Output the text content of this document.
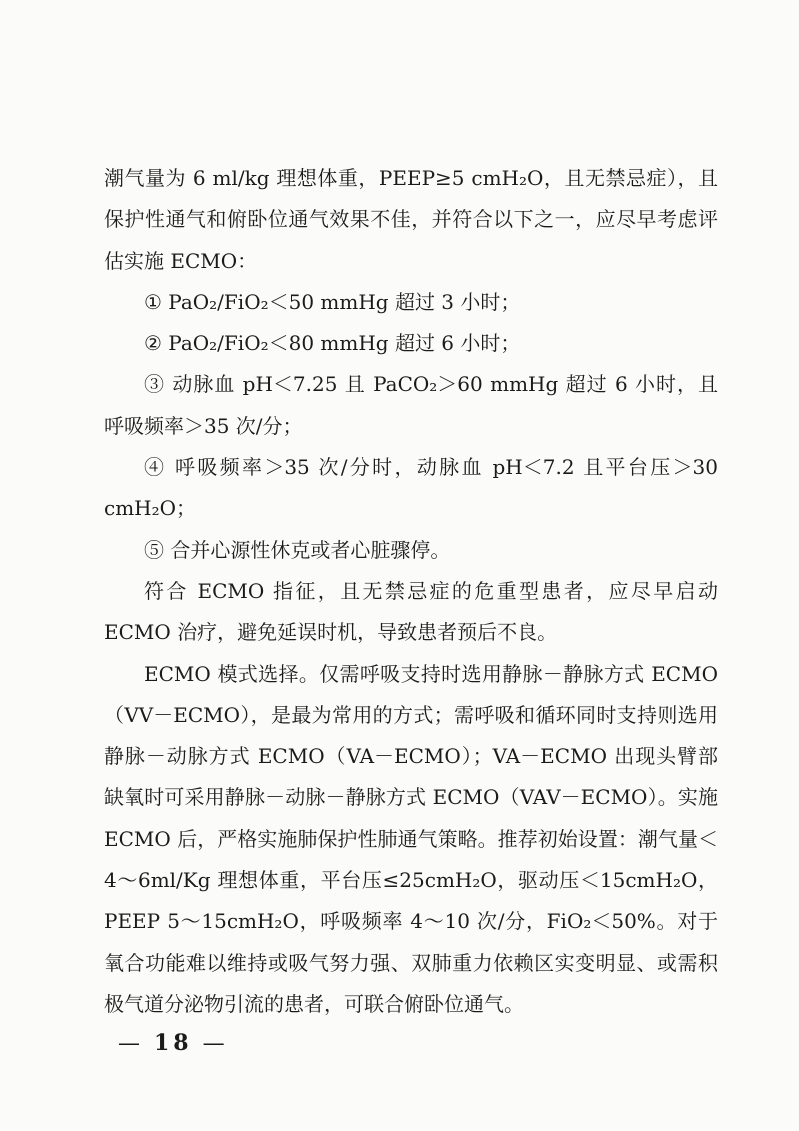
潮气量为 6 ml/kg 理想体重，PEEP≥5 cmH₂O，且无禁忌症），且保护性通气和俯卧位通气效果不佳，并符合以下之一，应尽早考虑评估实施 ECMO：

① PaO₂/FiO₂＜50 mmHg 超过 3 小时；

② PaO₂/FiO₂＜80 mmHg 超过 6 小时；

③ 动脉血 pH＜7.25 且 PaCO₂＞60 mmHg 超过 6 小时，且呼吸频率＞35 次/分；

④ 呼吸频率＞35 次/分时，动脉血 pH＜7.2 且平台压＞30 cmH₂O；

⑤ 合并心源性休克或者心脏骤停。

符合 ECMO 指征，且无禁忌症的危重型患者，应尽早启动 ECMO 治疗，避免延误时机，导致患者预后不良。

ECMO 模式选择。仅需呼吸支持时选用静脉－静脉方式 ECMO（VV－ECMO），是最为常用的方式；需呼吸和循环同时支持则选用静脉－动脉方式 ECMO（VA－ECMO）；VA－ECMO 出现头臂部缺氧时可采用静脉－动脉－静脉方式 ECMO（VAV－ECMO）。实施 ECMO 后，严格实施肺保护性肺通气策略。推荐初始设置：潮气量＜4～6ml/Kg 理想体重，平台压≤25cmH₂O，驱动压＜15cmH₂O，PEEP 5～15cmH₂O，呼吸频率 4～10 次/分，FiO₂＜50%。对于氧合功能难以维持或吸气努力强、双肺重力依赖区实变明显、或需积极气道分泌物引流的患者，可联合俯卧位通气。

— 18 —
